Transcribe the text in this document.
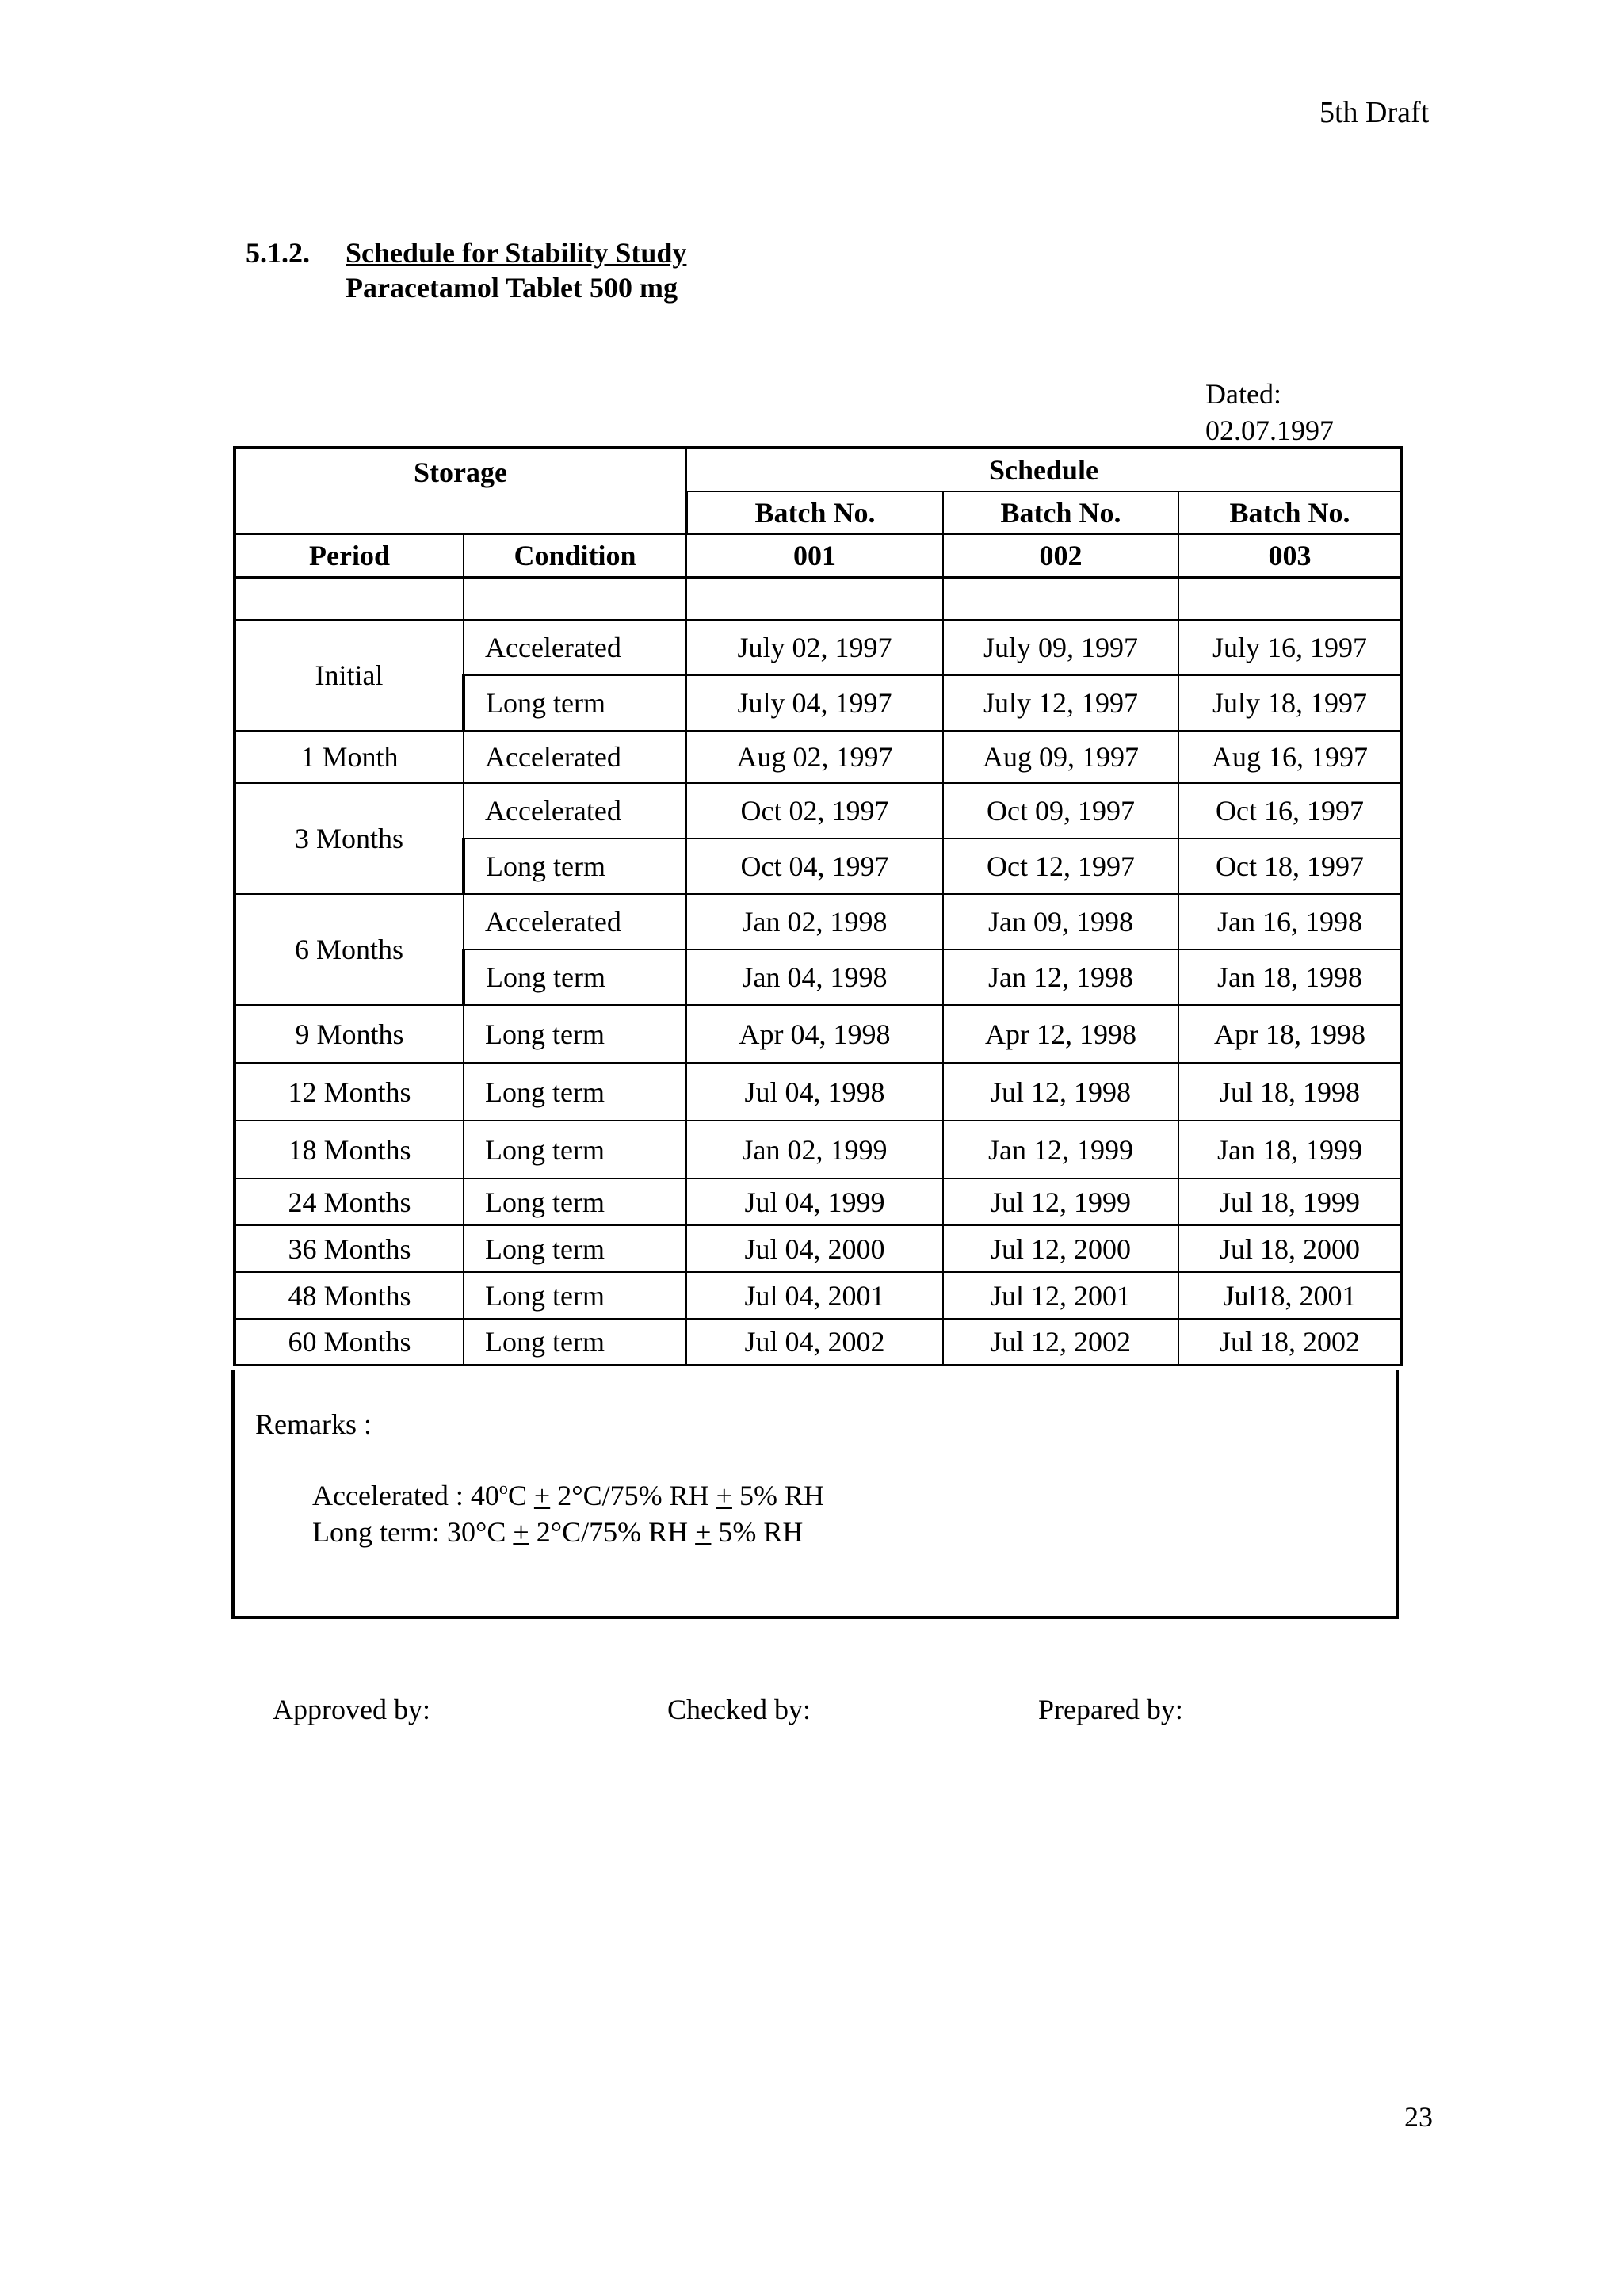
5th Draft
5.1.2. Schedule for Stability Study
Paracetamol Tablet 500 mg
Dated:
02.07.1997
Storage		Schedule		
		Batch No.	Batch No.	Batch No.
Period	Condition	001	002	003

Initial	Accelerated	July 02, 1997	July 09, 1997	July 16, 1997
	Long term	July 04, 1997	July 12, 1997	July 18, 1997
1 Month	Accelerated	Aug 02, 1997	Aug 09, 1997	Aug 16, 1997
3 Months	Accelerated	Oct 02, 1997	Oct 09, 1997	Oct 16, 1997
	Long term	Oct 04, 1997	Oct 12, 1997	Oct 18, 1997
6 Months	Accelerated	Jan 02, 1998	Jan 09, 1998	Jan 16, 1998
	Long term	Jan 04, 1998	Jan 12, 1998	Jan 18, 1998
9 Months	Long term	Apr 04, 1998	Apr 12, 1998	Apr 18, 1998
12 Months	Long term	Jul 04, 1998	Jul 12, 1998	Jul 18, 1998
18 Months	Long term	Jan 02, 1999	Jan 12, 1999	Jan 18, 1999
24 Months	Long term	Jul 04, 1999	Jul 12, 1999	Jul 18, 1999
36 Months	Long term	Jul 04, 2000	Jul 12, 2000	Jul 18, 2000
48 Months	Long term	Jul 04, 2001	Jul 12, 2001	Jul18, 2001
60 Months	Long term	Jul 04, 2002	Jul 12, 2002	Jul 18, 2002
Remarks :
Accelerated : $40^oC + 2^\circ C/75\%$ RH + 5% RH
Long term: 30°C + 2°C/75% RH + 5% RH
Approved by:	Checked by:	Prepared by:
23
